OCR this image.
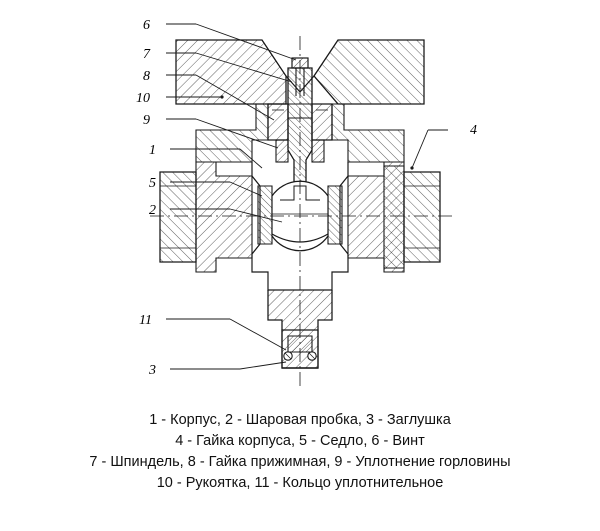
6
7
8
10
9
1
5
2
4
11
3
1 - Корпус, 2 - Шаровая пробка, 3 - Заглушка
4 - Гайка корпуса, 5 - Седло, 6 - Винт
7 - Шпиндель, 8 - Гайка прижимная, 9 - Уплотнение горловины
10 - Рукоятка, 11 - Кольцо уплотнительное
